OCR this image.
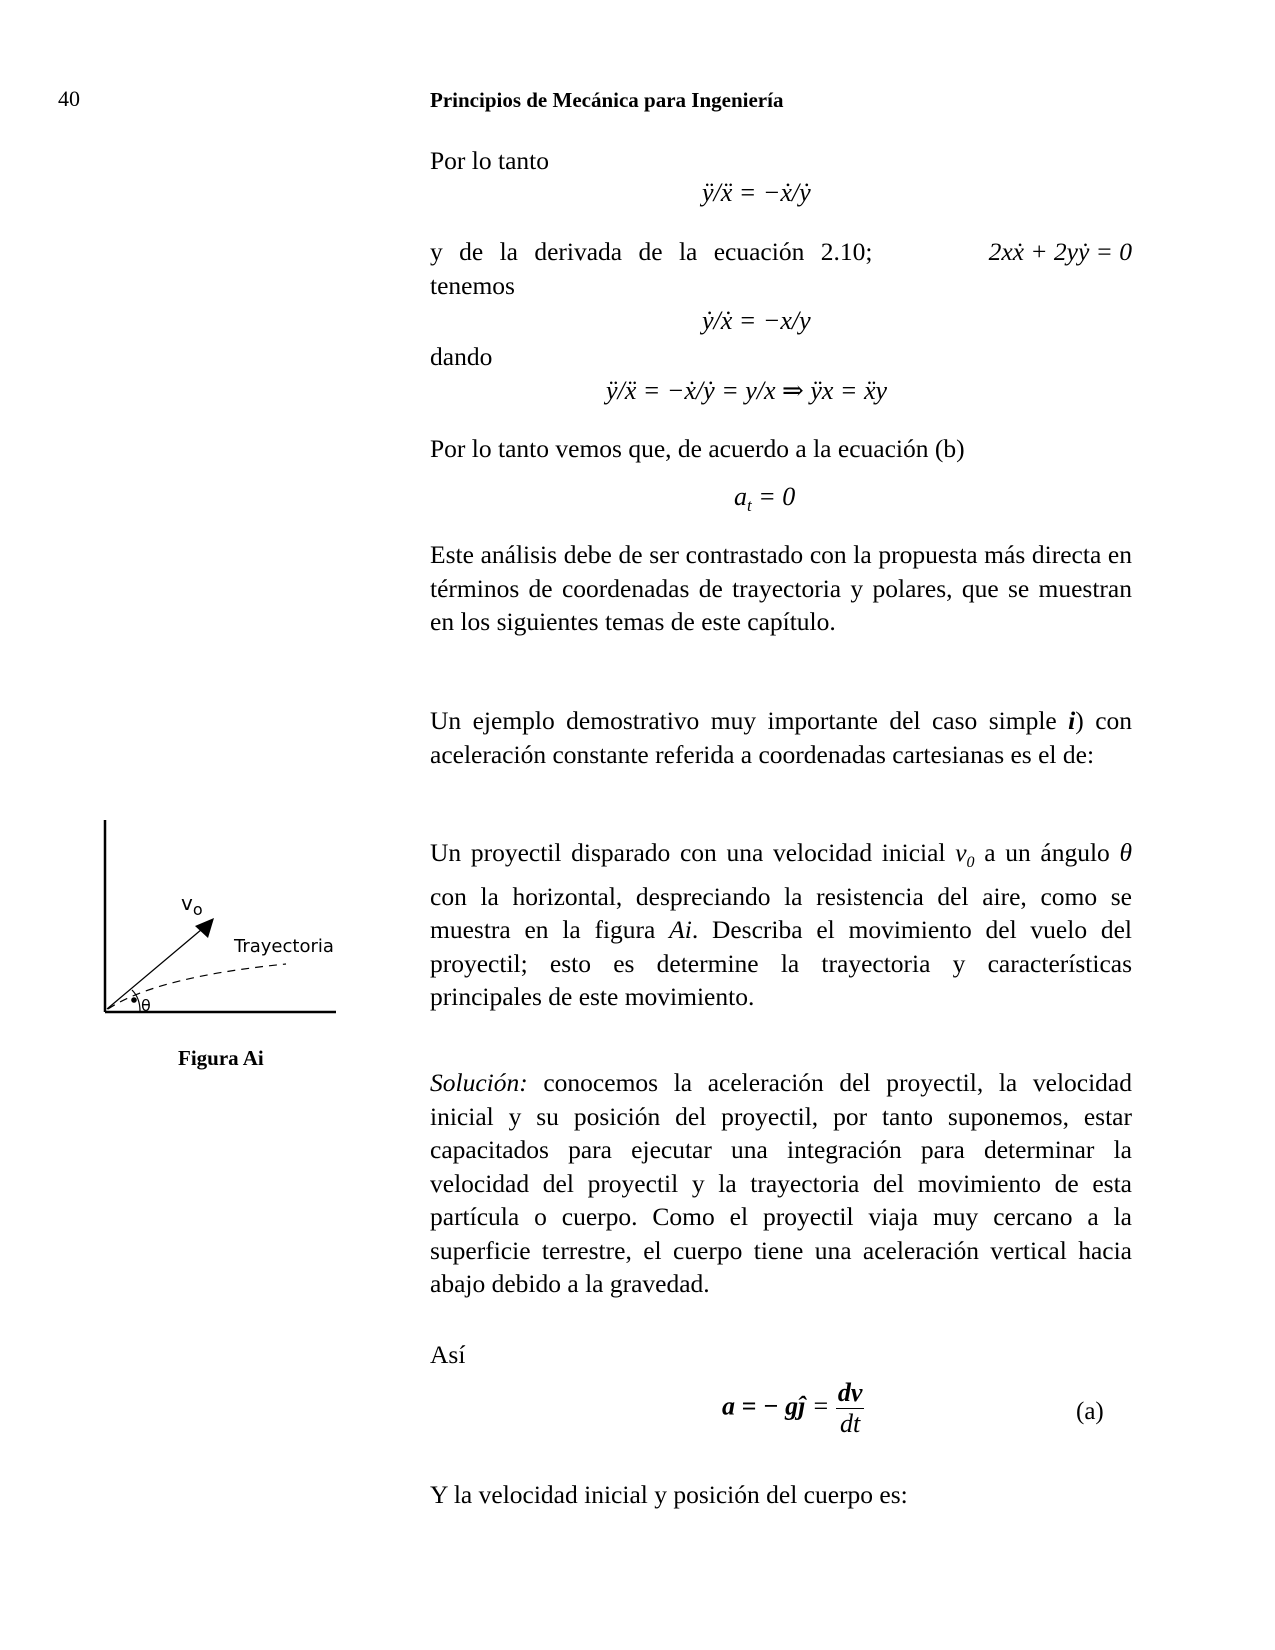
40	Principios de Mecánica para Ingeniería
Por lo tanto
ÿ/ẍ = −ẋ/ẏ
y de la derivada de la ecuación 2.10;	2xẋ + 2yẏ = 0
tenemos
ẏ/ẋ = −x/y
dando
ÿ/ẍ = −ẋ/ẏ = y/x ⇒ ÿx = ẍy
Por lo tanto vemos que, de acuerdo a la ecuación (b)
$a_t = 0$
Este análisis debe de ser contrastado con la propuesta más directa en términos de coordenadas de trayectoria y polares, que se muestran en los siguientes temas de este capítulo.
Un ejemplo demostrativo muy importante del caso simple i) con aceleración constante referida a coordenadas cartesianas es el de:
Un proyectil disparado con una velocidad inicial $v_0$ a un ángulo θ con la horizontal, despreciando la resistencia del aire, como se muestra en la figura Ai. Describa el movimiento del vuelo del proyectil; esto es determine la trayectoria y características principales de este movimiento.
Solución: conocemos la aceleración del proyectil, la velocidad inicial y su posición del proyectil, por tanto suponemos, estar capacitados para ejecutar una integración para determinar la velocidad del proyectil y la trayectoria del movimiento de esta partícula o cuerpo. Como el proyectil viaja muy cercano a la superficie terrestre, el cuerpo tiene una aceleración vertical hacia abajo debido a la gravedad.
Así
a = − gĵ = $\frac{dv}{dt}$	(a)
Y la velocidad inicial y posición del cuerpo es:
$v_o$
Trayectoria
θ
Figura Ai
